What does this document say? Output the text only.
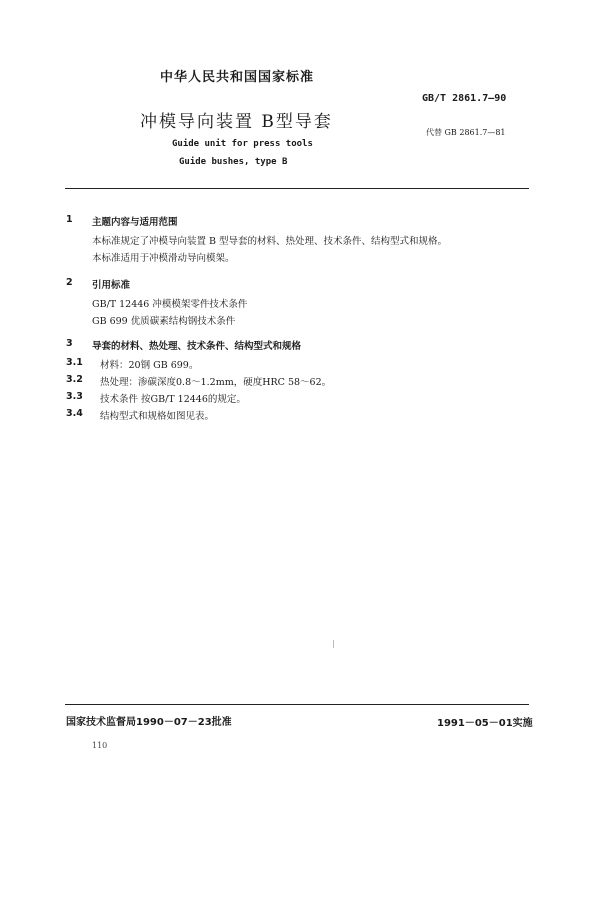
中华人民共和国国家标准
GB/T 2861.7—90
冲模导向装置 B型导套
代替 GB 2861.7—81
Guide unit for press tools
Guide bushes, type B
1 主题内容与适用范围
本标准规定了冲模导向装置 B 型导套的材料、热处理、技术条件、结构型式和规格。
本标准适用于冲模滑动导向模架。
2 引用标准
GB/T 12446 冲模模架零件技术条件
GB 699 优质碳素结构钢技术条件
3 导套的材料、热处理、技术条件、结构型式和规格
3.1 材料：20钢 GB 699。
3.2 热处理：渗碳深度0.8～1.2mm，硬度HRC 58～62。
3.3 技术条件 按GB/T 12446的规定。
3.4 结构型式和规格如图见表。
国家技术监督局1990－07－23批准	1991－05－01实施
110
